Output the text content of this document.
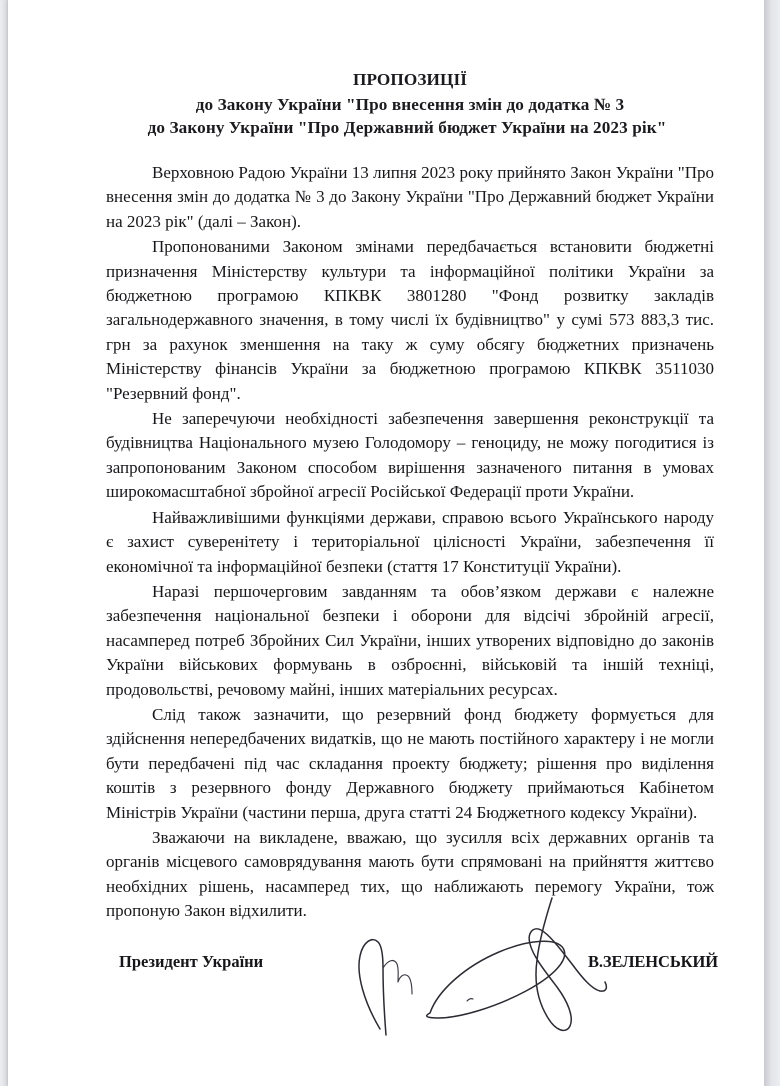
ПРОПОЗИЦІЇ
до Закону України "Про внесення змін до додатка № 3
до Закону України "Про Державний бюджет України на 2023 рік"

Верховною Радою України 13 липня 2023 року прийнято Закон України "Про внесення змін до додатка № 3 до Закону України "Про Державний бюджет України на 2023 рік" (далі – Закон).

Пропонованими Законом змінами передбачається встановити бюджетні призначення Міністерству культури та інформаційної політики України за бюджетною програмою КПКВК 3801280 "Фонд розвитку закладів загальнодержавного значення, в тому числі їх будівництво" у сумі 573 883,3 тис. грн за рахунок зменшення на таку ж суму обсягу бюджетних призначень Міністерству фінансів України за бюджетною програмою КПКВК 3511030 "Резервний фонд".

Не заперечуючи необхідності забезпечення завершення реконструкції та будівництва Національного музею Голодомору – геноциду, не можу погодитися із запропонованим Законом способом вирішення зазначеного питання в умовах широкомасштабної збройної агресії Російської Федерації проти України.

Найважливішими функціями держави, справою всього Українського народу є захист суверенітету і територіальної цілісності України, забезпечення її економічної та інформаційної безпеки (стаття 17 Конституції України).

Наразі першочерговим завданням та обов’язком держави є належне забезпечення національної безпеки і оборони для відсічі збройній агресії, насамперед потреб Збройних Сил України, інших утворених відповідно до законів України військових формувань в озброєнні, військовій та іншій техніці, продовольстві, речовому майні, інших матеріальних ресурсах.

Слід також зазначити, що резервний фонд бюджету формується для здійснення непередбачених видатків, що не мають постійного характеру і не могли бути передбачені під час складання проекту бюджету; рішення про виділення коштів з резервного фонду Державного бюджету приймаються Кабінетом Міністрів України (частини перша, друга статті 24 Бюджетного кодексу України).

Зважаючи на викладене, вважаю, що зусилля всіх державних органів та органів місцевого самоврядування мають бути спрямовані на прийняття життєво необхідних рішень, насамперед тих, що наближають перемогу України, тож пропоную Закон відхилити.

Президент України	В.ЗЕЛЕНСЬКИЙ
